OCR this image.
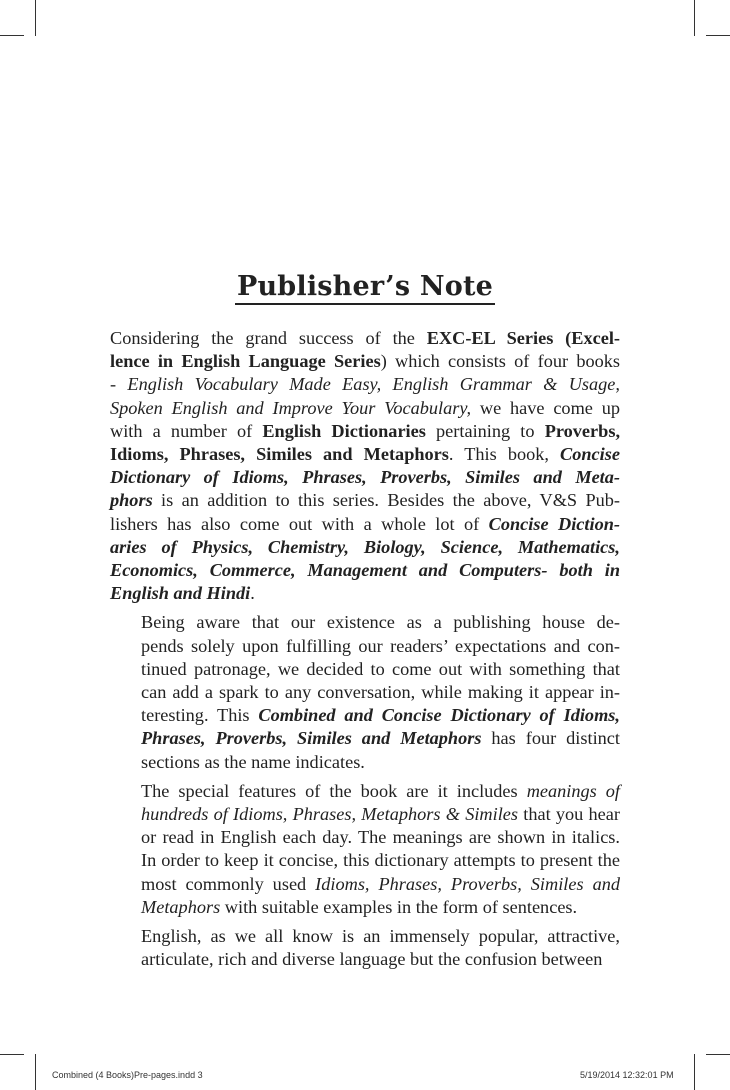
Publisher’s Note

Considering the grand success of the EXC-EL Series (Excel-
lence in English Language Series) which consists of four books
- English Vocabulary Made Easy, English Grammar & Usage,
Spoken English and Improve Your Vocabulary, we have come up
with a number of English Dictionaries pertaining to Proverbs,
Idioms, Phrases, Similes and Metaphors. This book, Concise
Dictionary of Idioms, Phrases, Proverbs, Similes and Meta-
phors is an addition to this series. Besides the above, V&S Pub-
lishers has also come out with a whole lot of Concise Diction-
aries of Physics, Chemistry, Biology, Science, Mathematics,
Economics, Commerce, Management and Computers- both in
English and Hindi.

Being aware that our existence as a publishing house de-
pends solely upon fulfilling our readers’ expectations and con-
tinued patronage, we decided to come out with something that
can add a spark to any conversation, while making it appear in-
teresting. This Combined and Concise Dictionary of Idioms,
Phrases, Proverbs, Similes and Metaphors has four distinct
sections as the name indicates.

The special features of the book are it includes meanings of
hundreds of Idioms, Phrases, Metaphors & Similes that you hear
or read in English each day. The meanings are shown in italics.
In order to keep it concise, this dictionary attempts to present the
most commonly used Idioms, Phrases, Proverbs, Similes and
Metaphors with suitable examples in the form of sentences.

English, as we all know is an immensely popular, attractive,
articulate, rich and diverse language but the confusion between

Combined (4 Books)Pre-pages.indd 3	5/19/2014 12:32:01 PM
